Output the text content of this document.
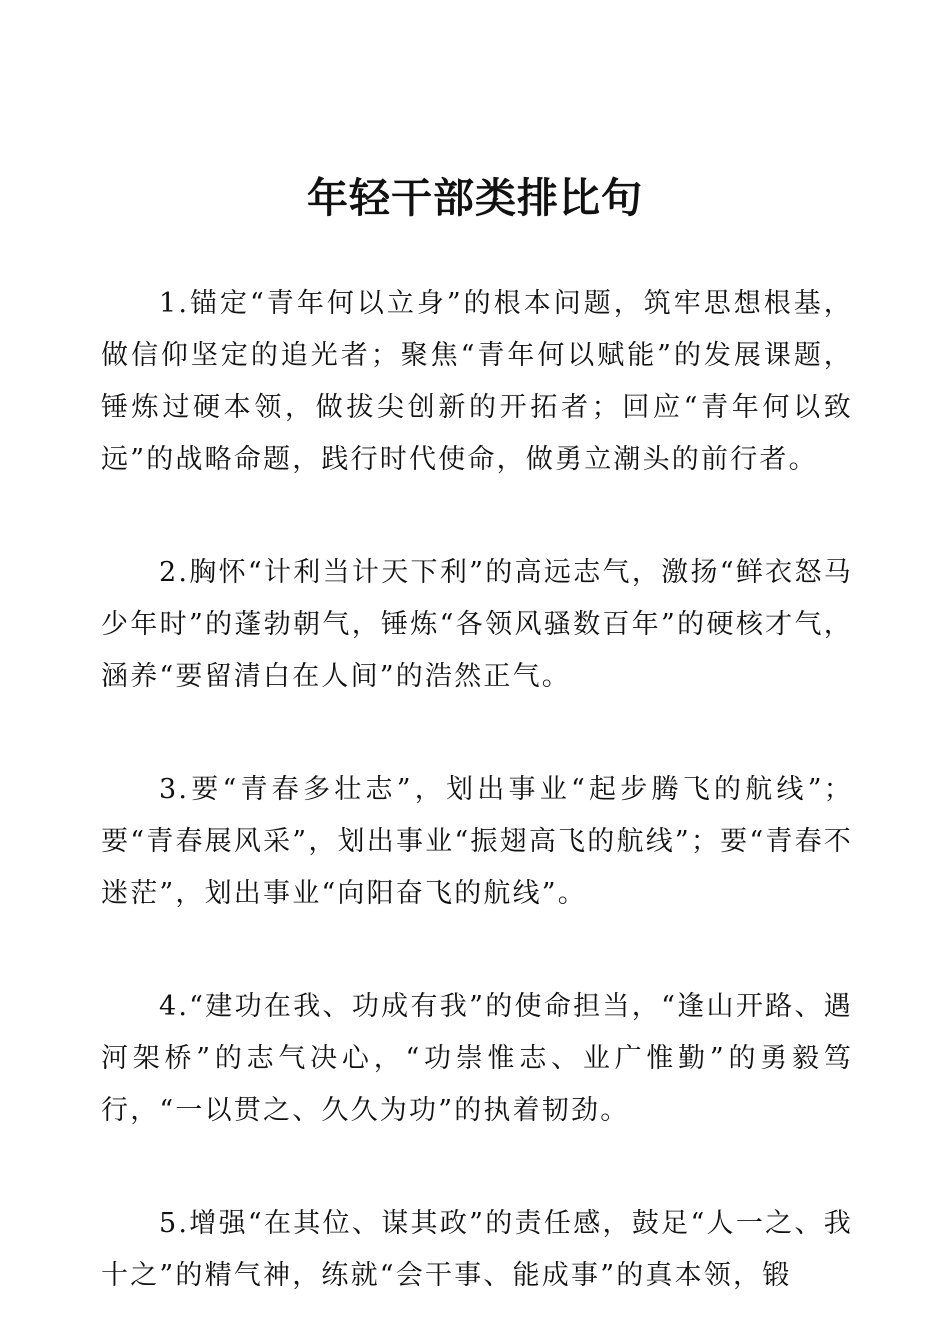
年轻干部类排比句

1.锚定“青年何以立身”的根本问题，筑牢思想根基，做信仰坚定的追光者；聚焦“青年何以赋能”的发展课题，锤炼过硬本领，做拔尖创新的开拓者；回应“青年何以致远”的战略命题，践行时代使命，做勇立潮头的前行者。

2.胸怀“计利当计天下利”的高远志气，激扬“鲜衣怒马少年时”的蓬勃朝气，锤炼“各领风骚数百年”的硬核才气，涵养“要留清白在人间”的浩然正气。

3.要“青春多壮志”，划出事业“起步腾飞的航线”；要“青春展风采”，划出事业“振翅高飞的航线”；要“青春不迷茫”，划出事业“向阳奋飞的航线”。

4.“建功在我、功成有我”的使命担当，“逢山开路、遇河架桥”的志气决心，“功崇惟志、业广惟勤”的勇毅笃行，“一以贯之、久久为功”的执着韧劲。

5.增强“在其位、谋其政”的责任感，鼓足“人一之、我十之”的精气神，练就“会干事、能成事”的真本领，锻
